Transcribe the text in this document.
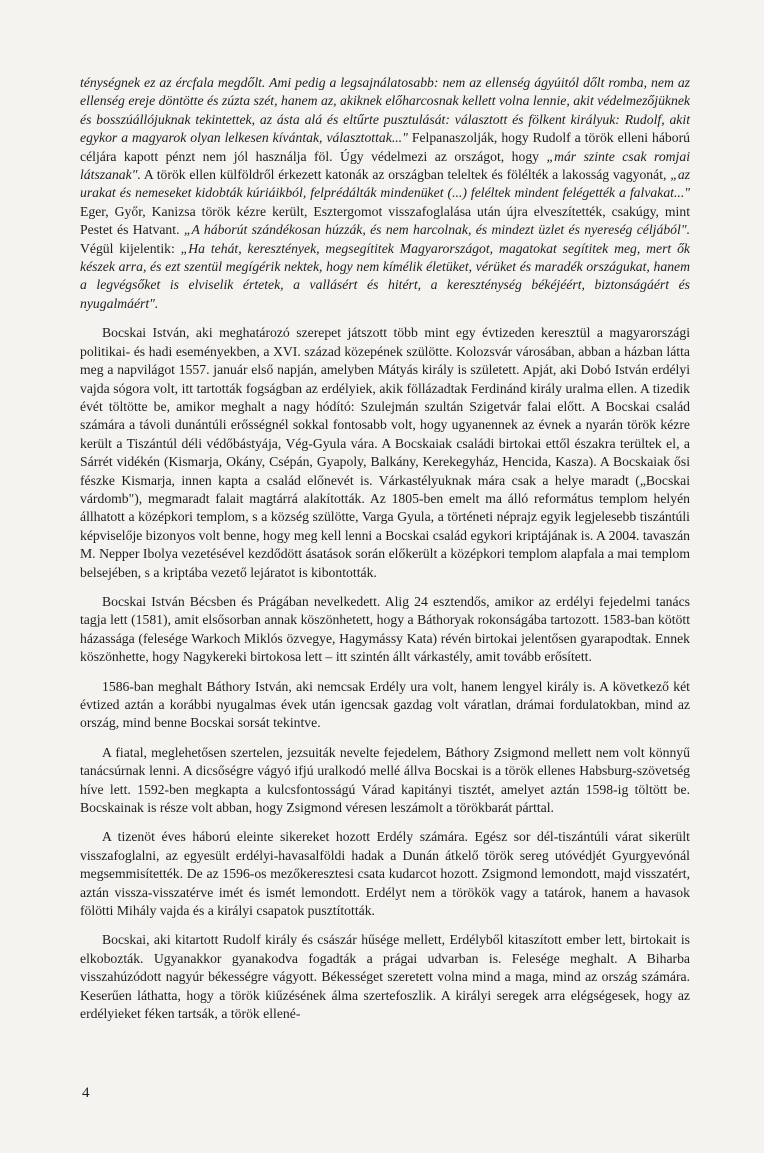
ténységnek ez az ércfala megdőlt. Ami pedig a legsajnálatosabb: nem az ellenség ágyúitól dőlt romba, nem az ellenség ereje döntötte és zúzta szét, hanem az, akiknek előharcosnak kellett volna lennie, akit védelmezőjüknek és bosszúállójuknak tekintettek, az ásta alá és eltűrte pusztulását: választott és fölkent királyuk: Rudolf, akit egykor a magyarok olyan lelkesen kívántak, választottak..." Felpanaszolják, hogy Rudolf a török elleni háború céljára kapott pénzt nem jól használja föl. Úgy védelmezi az országot, hogy „már szinte csak romjai látszanak". A török ellen külföldről érkezett katonák az országban teleltek és fölélték a lakosság vagyonát, „az urakat és nemeseket kidobták kúriáikból, felprédálták mindenüket (...) feléltek mindent felégették a falvakat..." Eger, Győr, Kanizsa török kézre került, Esztergomot visszafoglalása után újra elveszítették, csakúgy, mint Pestet és Hatvant. „A háborút szándékosan húzzák, és nem harcolnak, és mindezt üzlet és nyereség céljából". Végül kijelentik: „Ha tehát, keresztények, megsegítitek Magyarországot, magatokat segítitek meg, mert ők készek arra, és ezt szentül megígérik nektek, hogy nem kímélik életüket, vérüket és maradék országukat, hanem a legvégsőket is elviselik értetek, a vallásért és hitért, a kereszténység békéjéért, biztonságáért és nyugalmáért".

Bocskai István, aki meghatározó szerepet játszott több mint egy évtizeden keresztül a magyarországi politikai- és hadi eseményekben, a XVI. század közepének szülötte. Kolozsvár városában, abban a házban látta meg a napvilágot 1557. január első napján, amelyben Mátyás király is született. Apját, aki Dobó István erdélyi vajda sógora volt, itt tartották fogságban az erdélyiek, akik föllázadtak Ferdinánd király uralma ellen. A tizedik évét töltötte be, amikor meghalt a nagy hódító: Szulejmán szultán Szigetvár falai előtt. A Bocskai család számára a távoli dunántúli erősségnél sokkal fontosabb volt, hogy ugyanennek az évnek a nyarán török kézre került a Tiszántúl déli védőbástyája, Vég-Gyula vára. A Bocskaiak családi birtokai ettől északra terültek el, a Sárrét vidékén (Kismarja, Okány, Csépán, Gyapoly, Balkány, Kerekegyház, Hencida, Kasza). A Bocskaiak ősi fészke Kismarja, innen kapta a család előnevét is. Várkastélyuknak mára csak a helye maradt („Bocskai várdomb"), megmaradt falait magtárrá alakították. Az 1805-ben emelt ma álló református templom helyén állhatott a középkori templom, s a község szülötte, Varga Gyula, a történeti néprajz egyik legjelesebb tiszántúli képviselője bizonyos volt benne, hogy meg kell lenni a Bocskai család egykori kriptájának is. A 2004. tavaszán M. Nepper Ibolya vezetésével kezdődött ásatások során előkerült a középkori templom alapfala a mai templom belsejében, s a kriptába vezető lejáratot is kibontották.

Bocskai István Bécsben és Prágában nevelkedett. Alig 24 esztendős, amikor az erdélyi fejedelmi tanács tagja lett (1581), amit elsősorban annak köszönhetett, hogy a Báthoryak rokonságába tartozott. 1583-ban kötött házassága (felesége Warkoch Miklós özvegye, Hagymássy Kata) révén birtokai jelentősen gyarapodtak. Ennek köszönhette, hogy Nagykereki birtokosa lett – itt szintén állt várkastély, amit tovább erősített.

1586-ban meghalt Báthory István, aki nemcsak Erdély ura volt, hanem lengyel király is. A következő két évtized aztán a korábbi nyugalmas évek után igencsak gazdag volt váratlan, drámai fordulatokban, mind az ország, mind benne Bocskai sorsát tekintve.

A fiatal, meglehetősen szertelen, jezsuiták nevelte fejedelem, Báthory Zsigmond mellett nem volt könnyű tanácsúrnak lenni. A dicsőségre vágyó ifjú uralkodó mellé állva Bocskai is a török ellenes Habsburg-szövetség híve lett. 1592-ben megkapta a kulcsfontosságú Várad kapitányi tisztét, amelyet aztán 1598-ig töltött be. Bocskainak is része volt abban, hogy Zsigmond véresen leszámolt a törökbarát párttal.

A tizenöt éves háború eleinte sikereket hozott Erdély számára. Egész sor dél-tiszántúli várat sikerült visszafoglalni, az egyesült erdélyi-havasalföldi hadak a Dunán átkelő török sereg utóvédjét Gyurgyevónál megsemmisítették. De az 1596-os mezőkeresztesi csata kudarcot hozott. Zsigmond lemondott, majd visszatért, aztán vissza-visszatérve imét és ismét lemondott. Erdélyt nem a törökök vagy a tatárok, hanem a havasok fölötti Mihály vajda és a királyi csapatok pusztították.

Bocskai, aki kitartott Rudolf király és császár hűsége mellett, Erdélyből kitaszított ember lett, birtokait is elkobozták. Ugyanakkor gyanakodva fogadták a prágai udvarban is. Felesége meghalt. A Biharba visszahúzódott nagyúr békességre vágyott. Békességet szeretett volna mind a maga, mind az ország számára. Keserűen láthatta, hogy a török kiűzésének álma szertefoszlik. A királyi seregek arra elégségesek, hogy az erdélyieket féken tartsák, a török ellené-

4
